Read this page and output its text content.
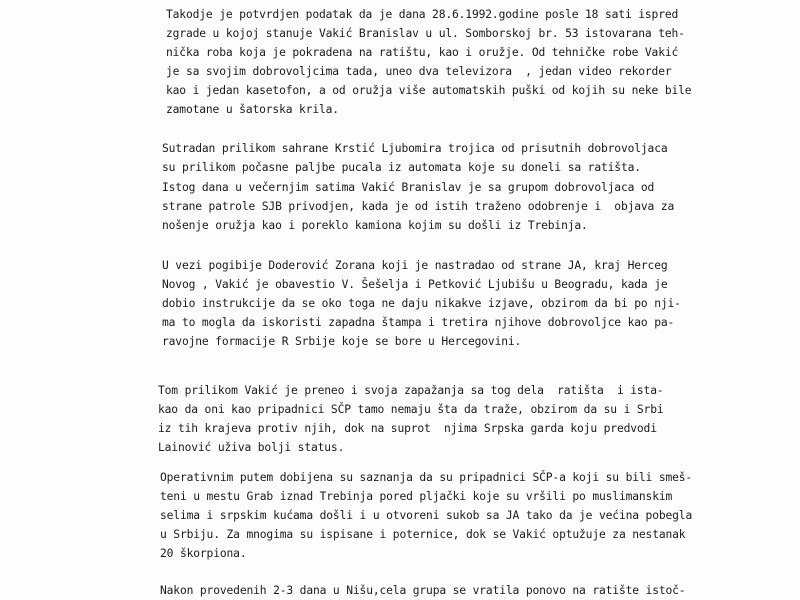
Takodje je potvrdjen podatak da je dana 28.6.1992.godine posle 18 sati ispred
zgrade u kojoj stanuje Vakić Branislav u ul. Somborskoj br. 53 istovarana teh-
nička roba koja je pokradena na ratištu, kao i oružje. Od tehničke robe Vakić
je sa svojim dobrovoljcima tada, uneo dva televizora  , jedan video rekorder
kao i jedan kasetofon, a od oružja više automatskih puški od kojih su neke bile
zamotane u šatorska krila.

Sutradan prilikom sahrane Krstić Ljubomira trojica od prisutnih dobrovoljaca
su prilikom počasne paljbe pucala iz automata koje su doneli sa ratišta.

Istog dana u večernjim satima Vakić Branislav je sa grupom dobrovoljaca od
strane patrole SJB privodjen, kada je od istih traženo odobrenje i  objava za
nošenje oružja kao i poreklo kamiona kojim su došli iz Trebinja.

U vezi pogibije Doderović Zorana koji je nastradao od strane JA, kraj Herceg
Novog , Vakić je obavestio V. Šešelja i Petković Ljubišu u Beogradu, kada je
dobio instrukcije da se oko toga ne daju nikakve izjave, obzirom da bi po nji-
ma to mogla da iskoristi zapadna štampa i tretira njihove dobrovoljce kao pa-
ravojne formacije R Srbije koje se bore u Hercegovini.

Tom prilikom Vakić je preneo i svoja zapažanja sa tog dela  ratišta  i ista-
kao da oni kao pripadnici SČP tamo nemaju šta da traže, obzirom da su i Srbi
iz tih krajeva protiv njih, dok na suprot  njima Srpska garda koju predvodi
Lainović uživa bolji status.

Operativnim putem dobijena su saznanja da su pripadnici SČP-a koji su bili smeš-
teni u mestu Grab iznad Trebinja pored pljački koje su vršili po muslimanskim
selima i srpskim kućama došli i u otvoreni sukob sa JA tako da je većina pobegla
u Srbiju. Za mnogima su ispisane i poternice, dok se Vakić optužuje za nestanak
20 škorpiona.

Nakon provedenih 2-3 dana u Nišu,cela grupa se vratila ponovo na ratište istoč-
